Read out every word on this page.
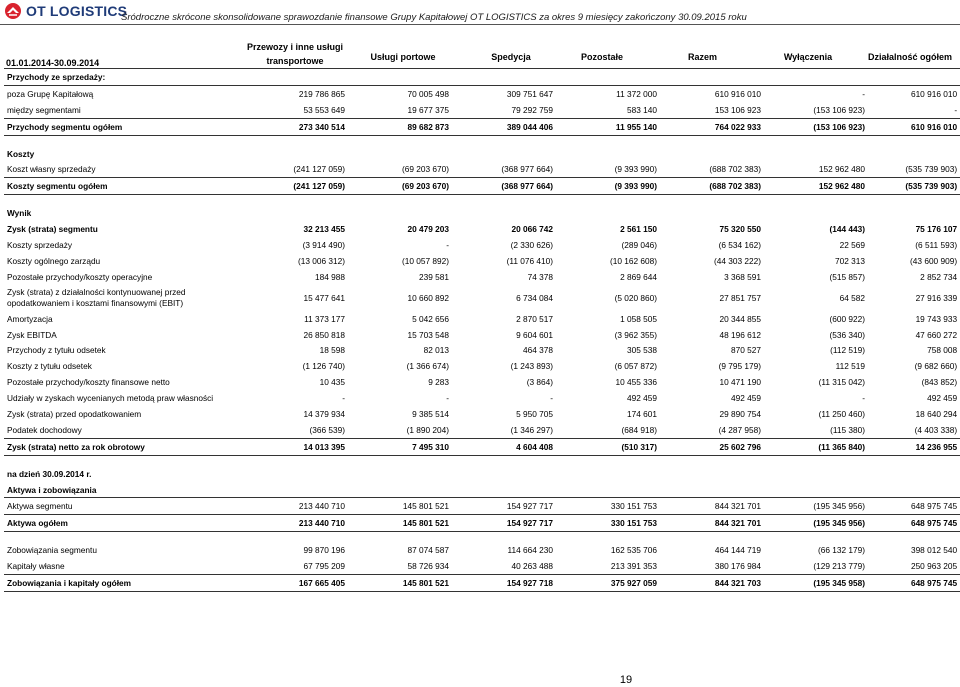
OT LOGISTICS
Śródroczne skrócone skonsolidowane sprawozdanie finansowe Grupy Kapitałowej OT LOGISTICS za okres 9 miesięcy zakończony 30.09.2015 roku
01.01.2014-30.09.2014
Przewozy i inne usługi
transportowe	Usługi portowe	Spedycja	Pozostałe	Razem	Wyłączenia	Działalność ogółem
Przychody ze sprzedaży:							
poza Grupę Kapitałową	219 786 865	70 005 498	309 751 647	11 372 000	610 916 010	-	610 916 010
między segmentami	53 553 649	19 677 375	79 292 759	583 140	153 106 923	(153 106 923)	-
Przychody segmentu ogółem	273 340 514	89 682 873	389 044 406	11 955 140	764 022 933	(153 106 923)	610 916 010

Koszty							
Koszt własny sprzedaży	(241 127 059)	(69 203 670)	(368 977 664)	(9 393 990)	(688 702 383)	152 962 480	(535 739 903)
Koszty segmentu ogółem	(241 127 059)	(69 203 670)	(368 977 664)	(9 393 990)	(688 702 383)	152 962 480	(535 739 903)

Wynik							
Zysk (strata) segmentu	32 213 455	20 479 203	20 066 742	2 561 150	75 320 550	(144 443)	75 176 107
Koszty sprzedaży	(3 914 490)	-	(2 330 626)	(289 046)	(6 534 162)	22 569	(6 511 593)
Koszty ogólnego zarządu	(13 006 312)	(10 057 892)	(11 076 410)	(10 162 608)	(44 303 222)	702 313	(43 600 909)
Pozostałe przychody/koszty operacyjne	184 988	239 581	74 378	2 869 644	3 368 591	(515 857)	2 852 734
Zysk (strata) z działalności kontynuowanej przed opodatkowaniem i kosztami finansowymi (EBIT)	15 477 641	10 660 892	6 734 084	(5 020 860)	27 851 757	64 582	27 916 339
Amortyzacja	11 373 177	5 042 656	2 870 517	1 058 505	20 344 855	(600 922)	19 743 933
Zysk EBITDA	26 850 818	15 703 548	9 604 601	(3 962 355)	48 196 612	(536 340)	47 660 272
Przychody z tytułu odsetek	18 598	82 013	464 378	305 538	870 527	(112 519)	758 008
Koszty z tytułu odsetek	(1 126 740)	(1 366 674)	(1 243 893)	(6 057 872)	(9 795 179)	112 519	(9 682 660)
Pozostałe przychody/koszty finansowe netto	10 435	9 283	(3 864)	10 455 336	10 471 190	(11 315 042)	(843 852)
Udziały w zyskach wycenianych metodą praw własności	-	-	-	492 459	492 459	-	492 459
Zysk (strata) przed opodatkowaniem	14 379 934	9 385 514	5 950 705	174 601	29 890 754	(11 250 460)	18 640 294
Podatek dochodowy	(366 539)	(1 890 204)	(1 346 297)	(684 918)	(4 287 958)	(115 380)	(4 403 338)
Zysk (strata) netto za rok obrotowy	14 013 395	7 495 310	4 604 408	(510 317)	25 602 796	(11 365 840)	14 236 955

na dzień 30.09.2014 r.							
Aktywa i zobowiązania							
Aktywa segmentu	213 440 710	145 801 521	154 927 717	330 151 753	844 321 701	(195 345 956)	648 975 745
Aktywa ogółem	213 440 710	145 801 521	154 927 717	330 151 753	844 321 701	(195 345 956)	648 975 745

Zobowiązania segmentu	99 870 196	87 074 587	114 664 230	162 535 706	464 144 719	(66 132 179)	398 012 540
Kapitały własne	67 795 209	58 726 934	40 263 488	213 391 353	380 176 984	(129 213 779)	250 963 205
Zobowiązania i kapitały ogółem	167 665 405	145 801 521	154 927 718	375 927 059	844 321 703	(195 345 958)	648 975 745
19
